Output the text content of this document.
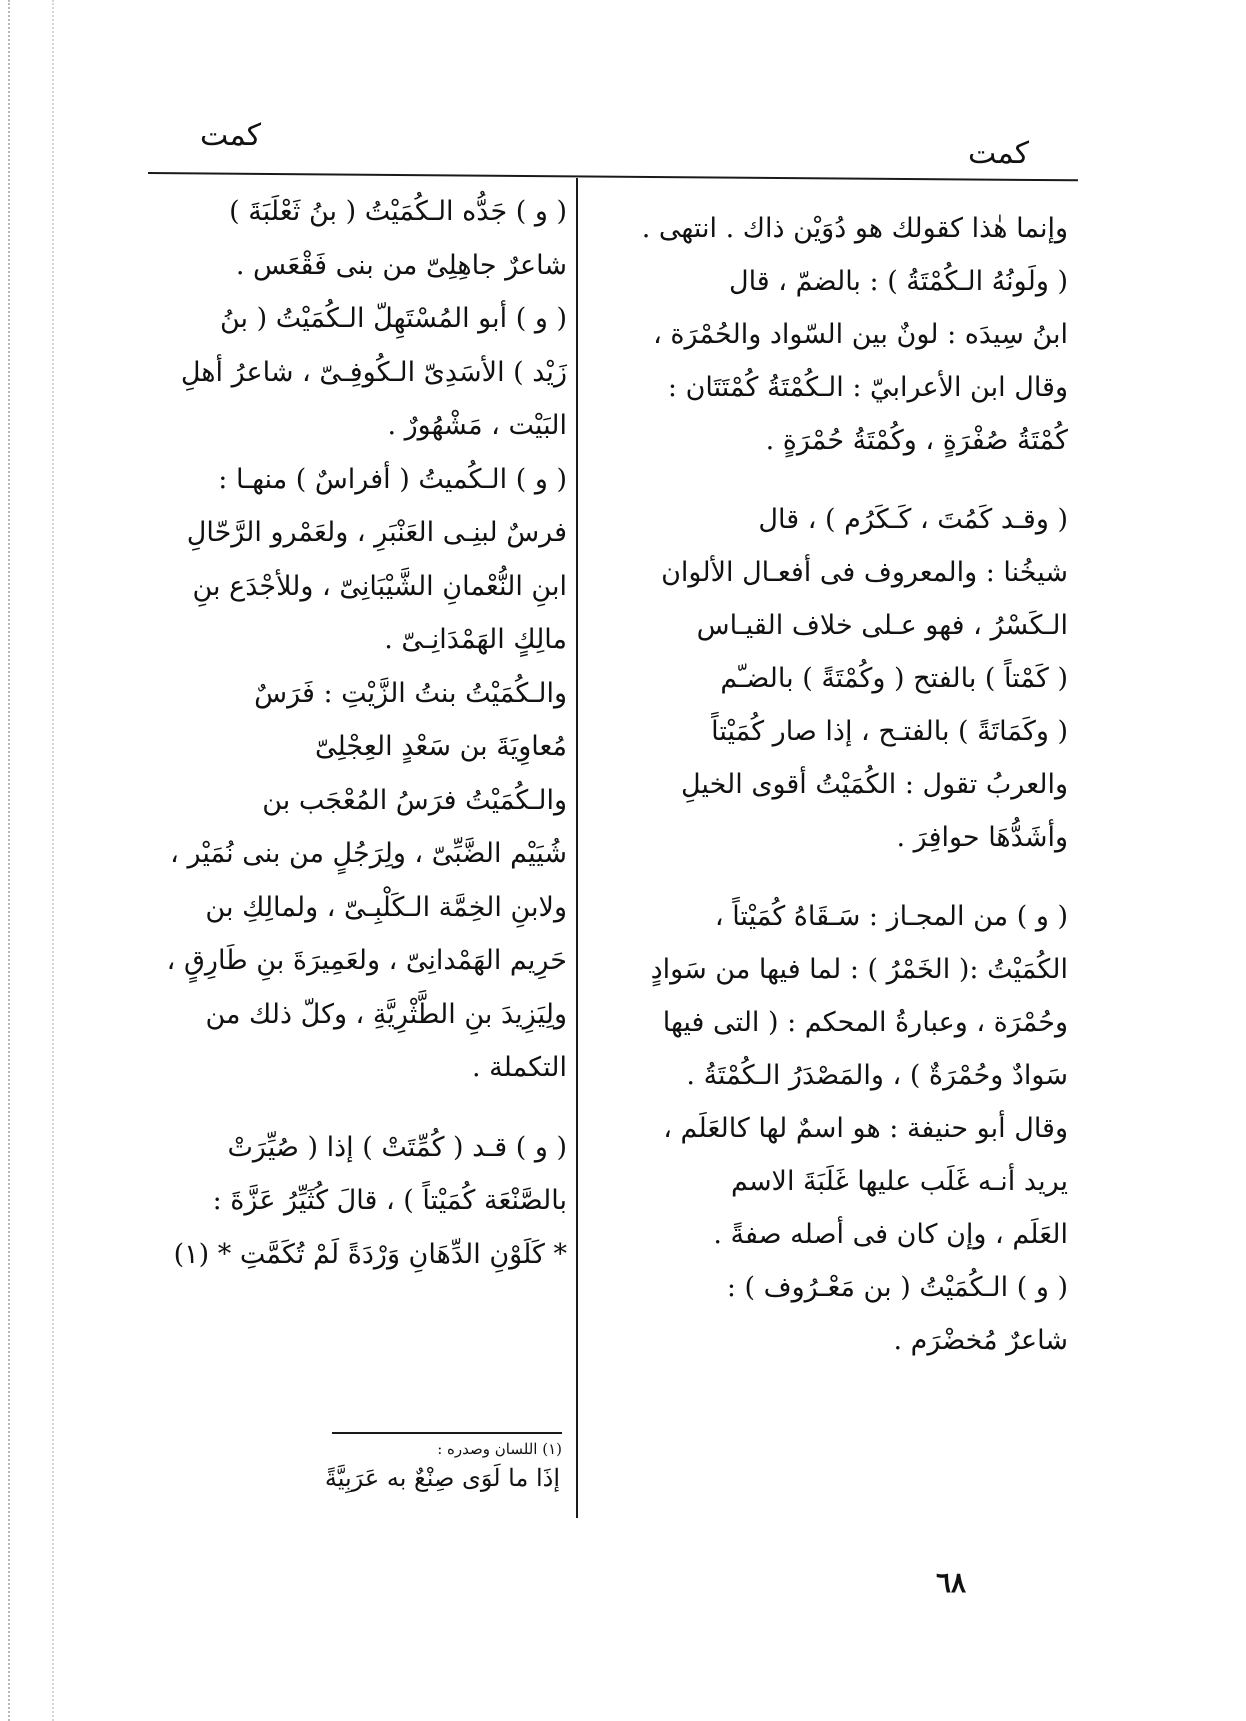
كمت
كمت
وإنما هٰذا كقولك هو دُوَيْن ذاك . انتهى .
( ولَونُهُ الـكُمْتَةُ ) : بالضمّ ، قال
ابنُ سِيدَه : لونٌ بين السّواد والحُمْرَة ،
وقال ابن الأعرابيّ : الـكُمْتَةُ كُمْتَتَان :
كُمْتَةُ صُفْرَةٍ ، وكُمْتَةُ حُمْرَةٍ .
( وقـد كَمُتَ ، كَـكَرُم ) ، قال
شيخُنا : والمعروف فى أفعـال الألوان
الـكَسْرُ ، فهو عـلى خلاف القيـاس
( كَمْتاً ) بالفتح ( وكُمْتَةً ) بالضـّم
( وكَمَاتَةً ) بالفتـح ، إذا صار كُمَيْتاً
والعربُ تقول : الكُمَيْتُ أقوى الخيلِ
وأشَدُّهَا حوافِرَ .
( و ) من المجـاز : سَـقَاهُ كُمَيْتاً ،
الكُمَيْتُ :( الخَمْرُ ) : لما فيها من سَوادٍ
وحُمْرَة ، وعبارةُ المحكم : ( التى فيها
سَوادٌ وحُمْرَةٌ ) ، والمَصْدَرُ الـكُمْتَةُ .
وقال أبو حنيفة : هو اسمٌ لها كالعَلَم ،
يريد أنـه غَلَب عليها غَلَبَةَ الاسم
العَلَم ، وإن كان فى أصله صفةً .
( و ) الـكُمَيْتُ ( بن مَعْـرُوف ) :
شاعرٌ مُخضْرَم .
( و ) جَدُّه الـكُمَيْتُ ( بنُ ثَعْلَبَةَ )
شاعرٌ جاهِلِىّ من بنى فَقْعَس .
( و ) أبو المُسْتَهِلّ الـكُمَيْتُ ( بنُ
زَيْد ) الأسَدِىّ الـكُوفِـىّ ، شاعرُ أهلِ
البَيْت ، مَشْهُورٌ .
( و ) الـكُميتُ ( أفراسٌ ) منهـا :
فرسٌ لبنِـى العَنْبَرِ ، ولعَمْرو الرَّحّالِ
ابنِ النُّعْمانِ الشَّيْبَانِىّ ، وللأجْدَع بنِ
مالِكٍ الهَمْدَانِـىّ .
والـكُمَيْتُ بنتُ الزَّيْتِ : فَرَسٌ
مُعاوِيَةَ بن سَعْدٍ العِجْلِىّ
والـكُمَيْتُ فرَسُ المُعْجَب بن
شُيَيْم الضَّبِّىّ ، ولِرَجُلٍ من بنى نُمَيْر ،
ولابنِ الخِمَّة الـكَلْبِـىّ ، ولمالِكِ بن
حَرِيم الهَمْدانِىّ ، ولعَمِيرَةَ بنِ طَارِقٍ ،
ولِيَزِيدَ بنِ الطَّثْرِيَّةِ ، وكلّ ذلك من
التكملة .
( و ) قـد ( كُمِّتَتْ ) إذا ( صُيِّرَتْ
بالصَّنْعَة كُمَيْتاً ) ، قالَ كُثَيِّرُ عَزَّةَ :
* كَلَوْنِ الدِّهَانِ وَرْدَةً لَمْ تُكَمَّتِ * (١)
(١) اللسان وصدره :
إذَا ما لَوَى صِنْعٌ به عَرَبِيَّةً
٦٨
